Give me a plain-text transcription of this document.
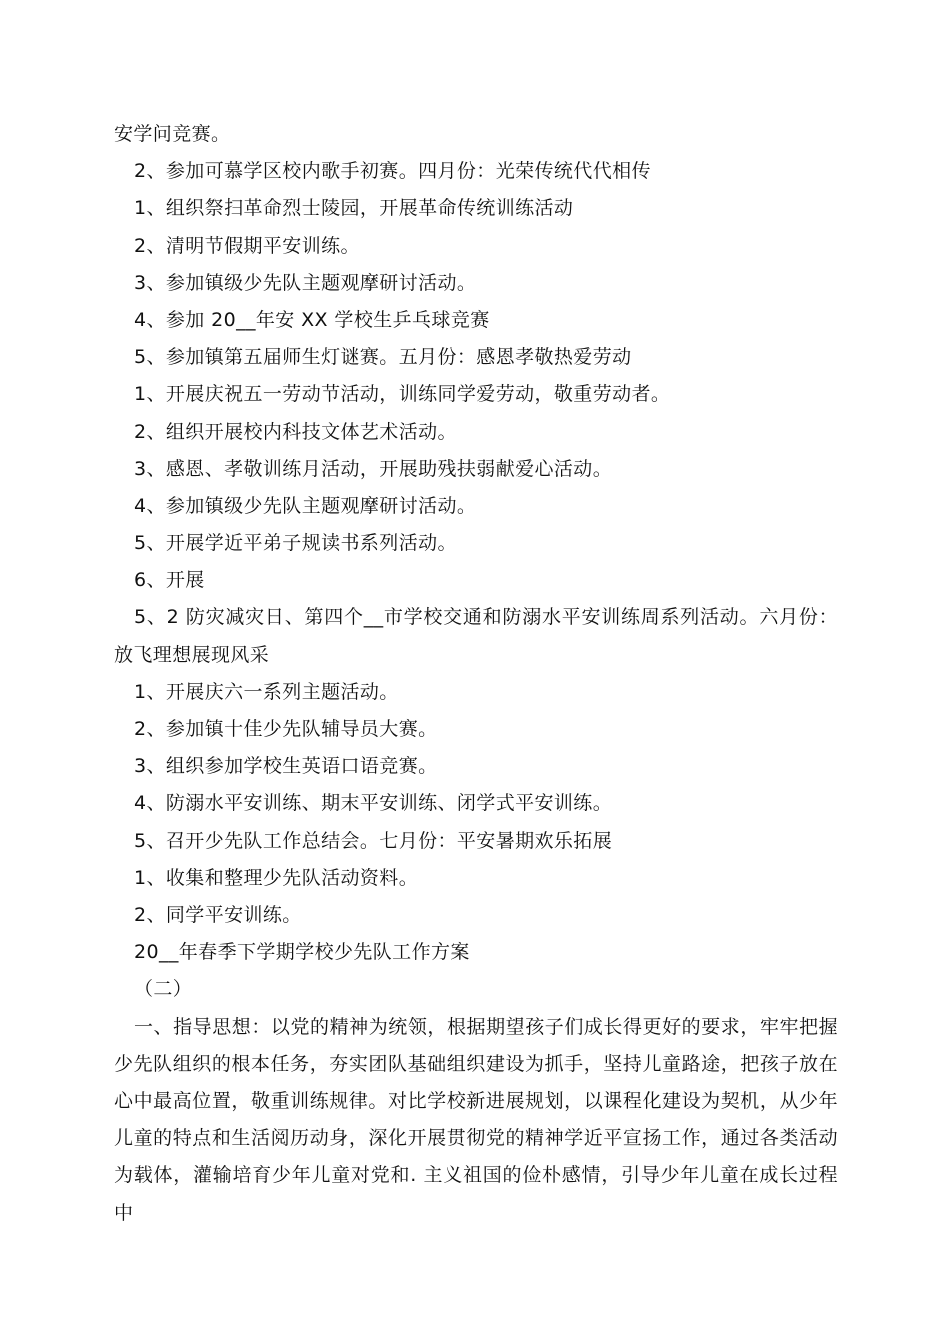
安学问竞赛。
2、参加可慕学区校内歌手初赛。四月份：光荣传统代代相传
1、组织祭扫革命烈士陵园，开展革命传统训练活动
2、清明节假期平安训练。
3、参加镇级少先队主题观摩研讨活动。
4、参加 20__年安 XX 学校生乒乓球竞赛
5、参加镇第五届师生灯谜赛。五月份：感恩孝敬热爱劳动
1、开展庆祝五一劳动节活动，训练同学爱劳动，敬重劳动者。
2、组织开展校内科技文体艺术活动。
3、感恩、孝敬训练月活动，开展助残扶弱献爱心活动。
4、参加镇级少先队主题观摩研讨活动。
5、开展学近平弟子规读书系列活动。
6、开展
5、2 防灾减灾日、第四个__市学校交通和防溺水平安训练周系列活动。六月份：放飞理想展现风采
1、开展庆六一系列主题活动。
2、参加镇十佳少先队辅导员大赛。
3、组织参加学校生英语口语竞赛。
4、防溺水平安训练、期末平安训练、闭学式平安训练。
5、召开少先队工作总结会。七月份：平安暑期欢乐拓展
1、收集和整理少先队活动资料。
2、同学平安训练。
20__年春季下学期学校少先队工作方案
（二）
一、指导思想：以党的精神为统领，根据期望孩子们成长得更好的要求，牢牢把握少先队组织的根本任务，夯实团队基础组织建设为抓手，坚持儿童路途，把孩子放在心中最高位置，敬重训练规律。对比学校新进展规划，以课程化建设为契机，从少年儿童的特点和生活阅历动身，深化开展贯彻党的精神学近平宣扬工作，通过各类活动为载体，灌输培育少年儿童对党和. 主义祖国的俭朴感情，引导少年儿童在成长过程中
